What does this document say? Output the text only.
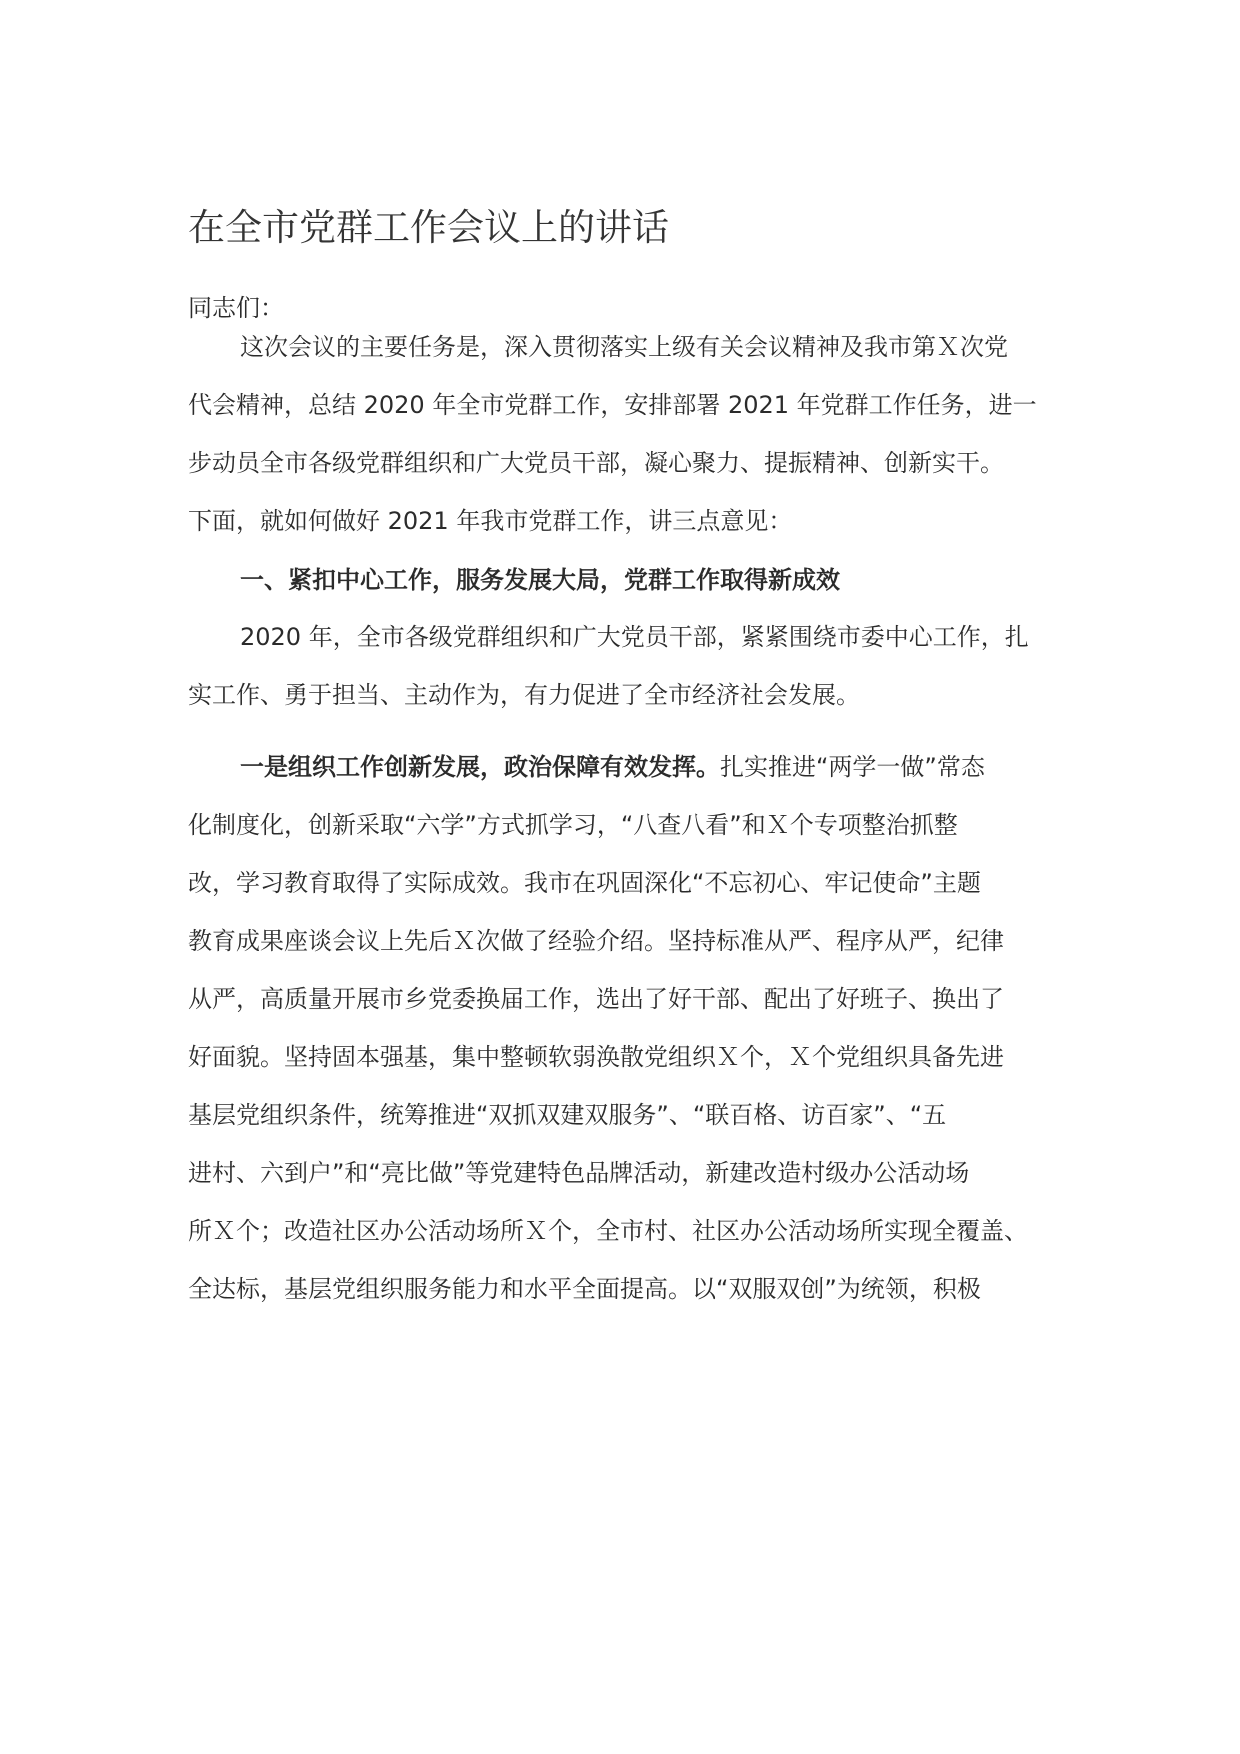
在全市党群工作会议上的讲话
同志们：
这次会议的主要任务是，深入贯彻落实上级有关会议精神及我市第Ｘ次党
代会精神，总结 2020 年全市党群工作，安排部署 2021 年党群工作任务，进一
步动员全市各级党群组织和广大党员干部，凝心聚力、提振精神、创新实干。
下面，就如何做好 2021 年我市党群工作，讲三点意见：
一、紧扣中心工作，服务发展大局，党群工作取得新成效
2020 年，全市各级党群组织和广大党员干部，紧紧围绕市委中心工作，扎
实工作、勇于担当、主动作为，有力促进了全市经济社会发展。
一是组织工作创新发展，政治保障有效发挥。扎实推进“两学一做”常态
化制度化，创新采取“六学”方式抓学习，“八查八看”和Ｘ个专项整治抓整
改，学习教育取得了实际成效。我市在巩固深化“不忘初心、牢记使命”主题
教育成果座谈会议上先后Ｘ次做了经验介绍。坚持标准从严、程序从严，纪律
从严，高质量开展市乡党委换届工作，选出了好干部、配出了好班子、换出了
好面貌。坚持固本强基，集中整顿软弱涣散党组织Ｘ个，Ｘ个党组织具备先进
基层党组织条件，统筹推进“双抓双建双服务”、“联百格、访百家”、“五
进村、六到户”和“亮比做”等党建特色品牌活动，新建改造村级办公活动场
所Ｘ个；改造社区办公活动场所Ｘ个，全市村、社区办公活动场所实现全覆盖、
全达标，基层党组织服务能力和水平全面提高。以“双服双创”为统领，积极
